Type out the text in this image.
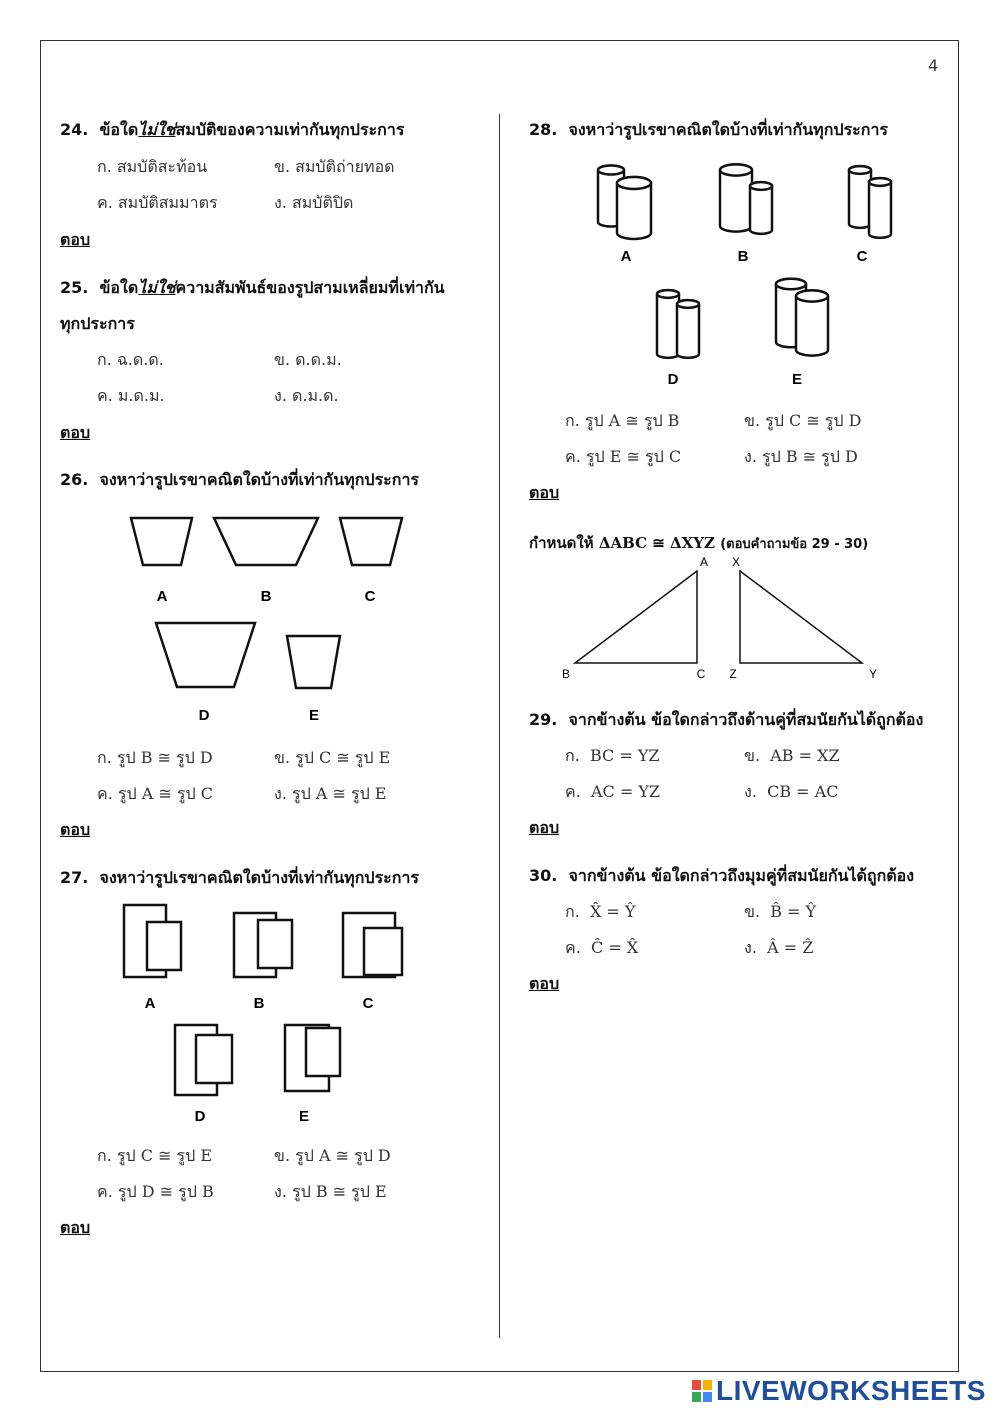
4
24. ข้อใดไม่ใช่สมบัติของความเท่ากันทุกประการ
ก. สมบัติสะท้อน	ข. สมบัติถ่ายทอด
ค. สมบัติสมมาตร	ง. สมบัติปิด
ตอบ
25. ข้อใดไม่ใช่ความสัมพันธ์ของรูปสามเหลี่ยมที่เท่ากัน
ทุกประการ
ก. ฉ.ด.ด.	ข. ด.ด.ม.
ค. ม.ด.ม.	ง. ด.ม.ด.
ตอบ
26. จงหาว่ารูปเรขาคณิตใดบ้างที่เท่ากันทุกประการ
A	B	C
D	E
ก. รูป B ≅ รูป D	ข. รูป C ≅ รูป E
ค. รูป A ≅ รูป C	ง. รูป A ≅ รูป E
ตอบ
27. จงหาว่ารูปเรขาคณิตใดบ้างที่เท่ากันทุกประการ
A	B	C
D	E
ก. รูป C ≅ รูป E	ข. รูป A ≅ รูป D
ค. รูป D ≅ รูป B	ง. รูป B ≅ รูป E
ตอบ
28. จงหาว่ารูปเรขาคณิตใดบ้างที่เท่ากันทุกประการ
A	B	C
D	E
ก. รูป A ≅ รูป B	ข. รูป C ≅ รูป D
ค. รูป E ≅ รูป C	ง. รูป B ≅ รูป D
ตอบ
กำหนดให้ ΔABC ≅ ΔXYZ (ตอบคำถามข้อ 29 - 30)
A X
B	C Z	Y
29. จากข้างต้น ข้อใดกล่าวถึงด้านคู่ที่สมนัยกันได้ถูกต้อง
ก. BC = YZ	ข. AB = XZ
ค. AC = YZ	ง. CB = AC
ตอบ
30. จากข้างต้น ข้อใดกล่าวถึงมุมคู่ที่สมนัยกันได้ถูกต้อง
ก. X̂ = Ŷ	ข. B̂ = Ŷ
ค. Ĉ = X̂	ง. Â = Ẑ
ตอบ
LIVEWORKSHEETS
